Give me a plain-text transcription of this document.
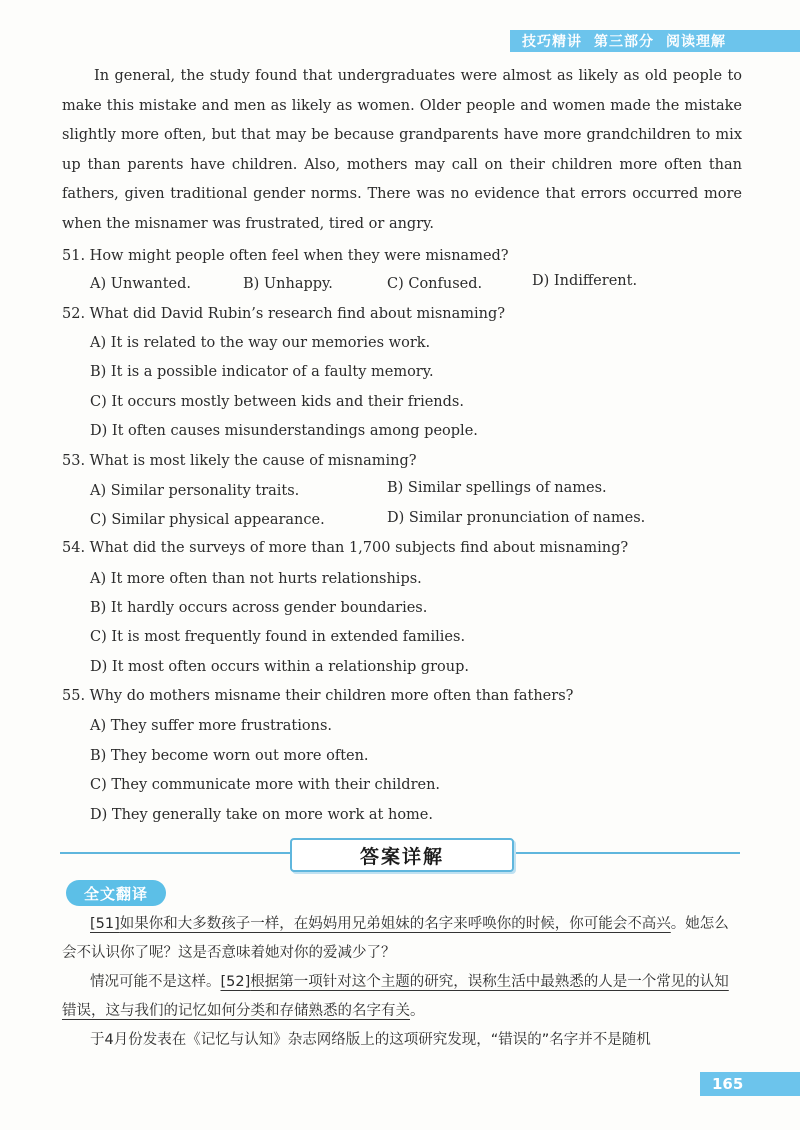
技巧精讲 第三部分 阅读理解

In general, the study found that undergraduates were almost as likely as old people to make this mistake and men as likely as women. Older people and women made the mistake slightly more often, but that may be because grandparents have more grandchildren to mix up than parents have children. Also, mothers may call on their children more often than fathers, given traditional gender norms. There was no evidence that errors occurred more when the misnamer was frustrated, tired or angry.

51. How might people often feel when they were misnamed?
A) Unwanted.	B) Unhappy.	C) Confused.	D) Indifferent.
52. What did David Rubin’s research find about misnaming?
A) It is related to the way our memories work.
B) It is a possible indicator of a faulty memory.
C) It occurs mostly between kids and their friends.
D) It often causes misunderstandings among people.
53. What is most likely the cause of misnaming?
A) Similar personality traits.	B) Similar spellings of names.
C) Similar physical appearance.	D) Similar pronunciation of names.
54. What did the surveys of more than 1,700 subjects find about misnaming?
A) It more often than not hurts relationships.
B) It hardly occurs across gender boundaries.
C) It is most frequently found in extended families.
D) It most often occurs within a relationship group.
55. Why do mothers misname their children more often than fathers?
A) They suffer more frustrations.
B) They become worn out more often.
C) They communicate more with their children.
D) They generally take on more work at home.
答案详解
全文翻译

[51]如果你和大多数孩子一样，在妈妈用兄弟姐妹的名字来呼唤你的时候，你可能会不高兴。她怎么会不认识你了呢？这是否意味着她对你的爱减少了？

情况可能不是这样。[52]根据第一项针对这个主题的研究，误称生活中最熟悉的人是一个常见的认知错误，这与我们的记忆如何分类和存储熟悉的名字有关。

于4月份发表在《记忆与认知》杂志网络版上的这项研究发现，“错误的”名字并不是随机

165
